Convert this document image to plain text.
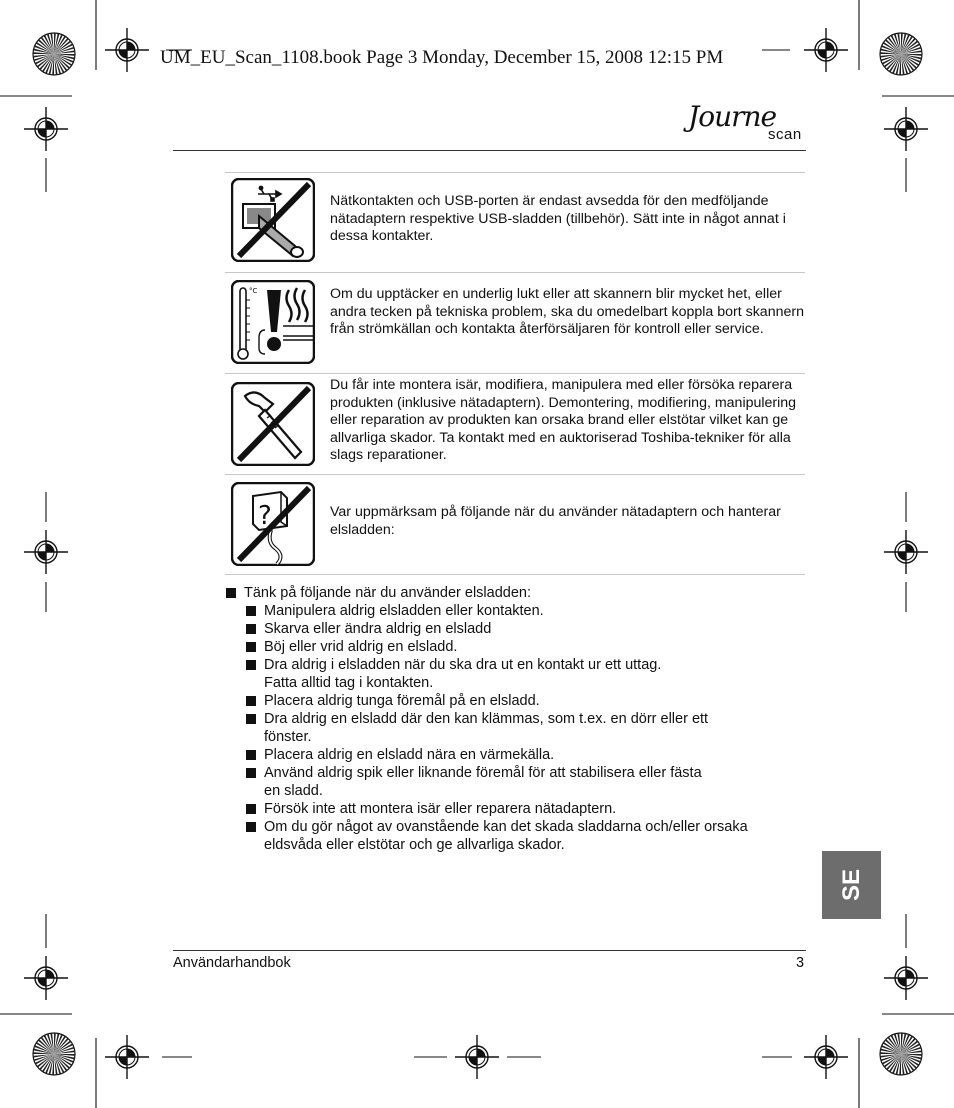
UM_EU_Scan_1108.book Page 3 Monday, December 15, 2008 12:15 PM
Journe
scan
Nätkontakten och USB-porten är endast avsedda för den medföljande nätadaptern respektive USB-sladden (tillbehör). Sätt inte in något annat i dessa kontakter.
°C	Om du upptäcker en underlig lukt eller att skannern blir mycket het, eller andra tecken på tekniska problem, ska du omedelbart koppla bort skannern från strömkällan och kontakta återförsäljaren för kontroll eller service.
Du får inte montera isär, modifiera, manipulera med eller försöka reparera produkten (inklusive nätadaptern). Demontering, modifiering, manipulering eller reparation av produkten kan orsaka brand eller elstötar vilket kan ge allvarliga skador. Ta kontakt med en auktoriserad Toshiba-tekniker för alla slags reparationer.
?	Var uppmärksam på följande när du använder nätadaptern och hanterar elsladden:
Tänk på följande när du använder elsladden:
Manipulera aldrig elsladden eller kontakten.
Skarva eller ändra aldrig en elsladd
Böj eller vrid aldrig en elsladd.
Dra aldrig i elsladden när du ska dra ut en kontakt ur ett uttag.
Fatta alltid tag i kontakten.
Placera aldrig tunga föremål på en elsladd.
Dra aldrig en elsladd där den kan klämmas, som t.ex. en dörr eller ett
fönster.
Placera aldrig en elsladd nära en värmekälla.
Använd aldrig spik eller liknande föremål för att stabilisera eller fästa
en sladd.
Försök inte att montera isär eller reparera nätadaptern.
Om du gör något av ovanstående kan det skada sladdarna och/eller orsaka
eldsvåda eller elstötar och ge allvarliga skador.
SE
Användarhandbok	3
